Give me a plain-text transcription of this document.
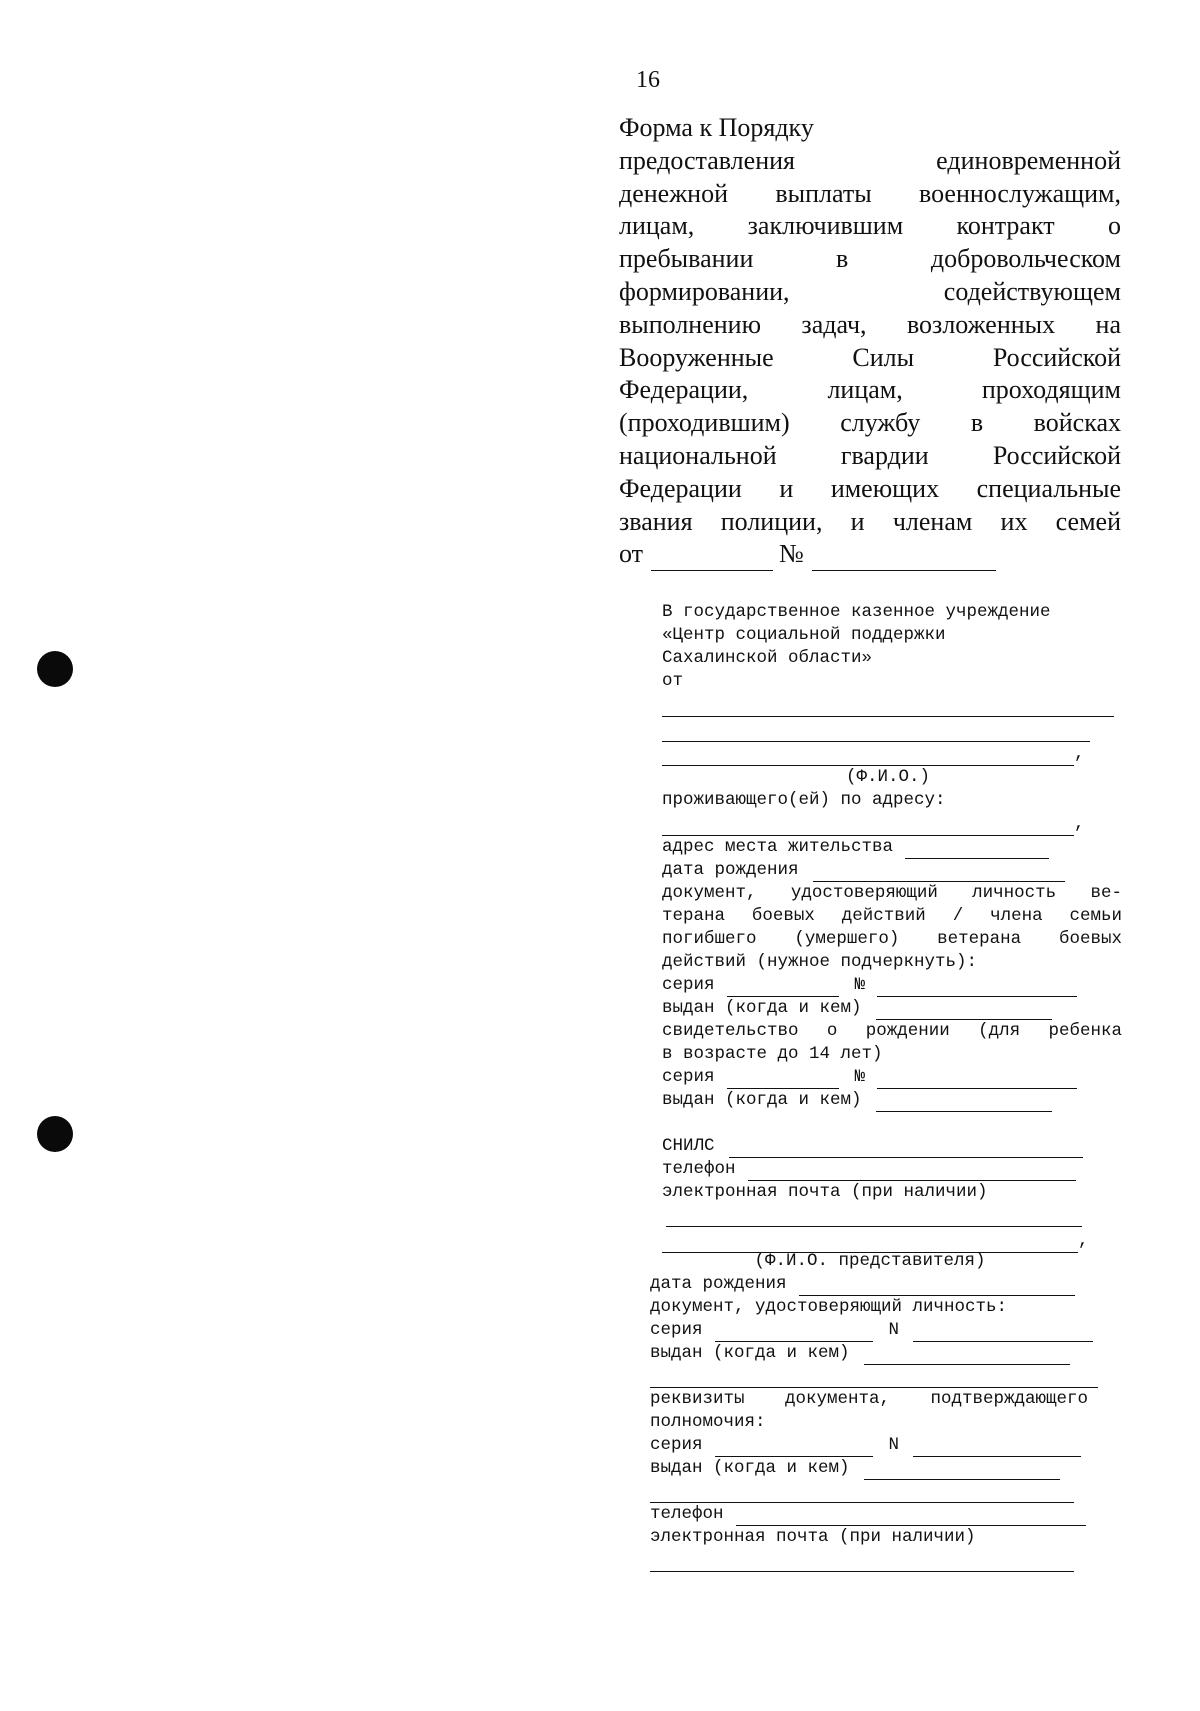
16

Форма к Порядку

предоставления единовременной

денежной выплаты военнослужащим,

лицам, заключившим контракт о

пребывании в добровольческом

формировании, содействующем

выполнению задач, возложенных на

Вооруженные Силы Российской

Федерации, лицам, проходящим

(проходившим) службу в войсках

национальной гвардии Российской

Федерации и имеющих специальные

звания полиции, и членам их семей

от	№
В государственное казенное учреждение
«Центр социальной поддержки
Сахалинской области»
от
,
(Ф.И.О.)
проживающего(ей) по адресу:
,
адрес места жительства
дата рождения
документ, удостоверяющий личность ве-
терана боевых действий / члена семьи
погибшего (умершего) ветерана боевых
действий (нужное подчеркнуть):
серия	№
выдан (когда и кем)
свидетельство о рождении (для ребенка
в возрасте до 14 лет)
серия	№
выдан (когда и кем)
СНИЛС
телефон
электронная почта (при наличии)
,
(Ф.И.О. представителя)
дата рождения
документ, удостоверяющий личность:
серия	N
выдан (когда и кем)
реквизиты документа, подтверждающего
полномочия:
серия	N
выдан (когда и кем)
телефон
электронная почта (при наличии)
